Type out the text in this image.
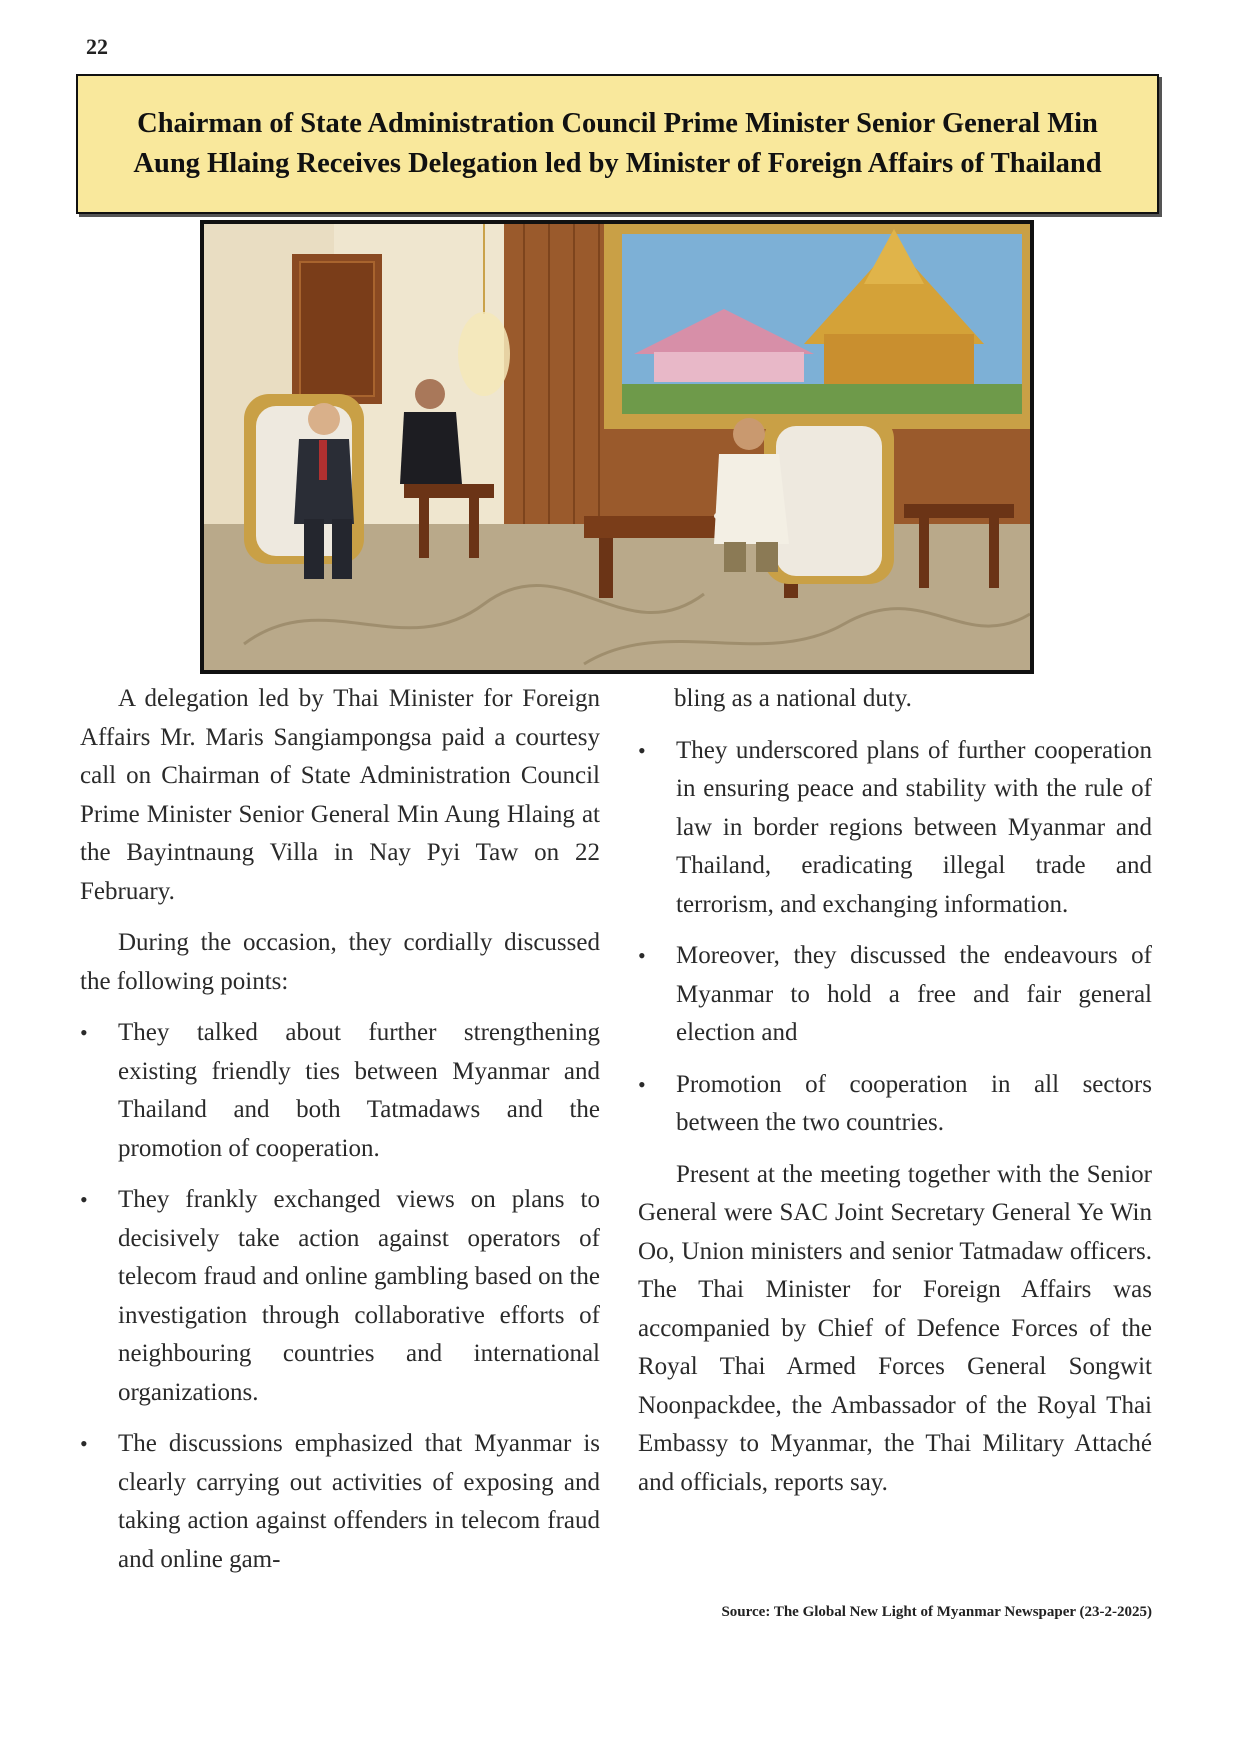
22
Chairman of State Administration Council Prime Minister Senior General Min Aung Hlaing Receives Delegation led by Minister of Foreign Affairs of Thailand

A delegation led by Thai Minister for Foreign Affairs Mr. Maris Sangiampongsa paid a courtesy call on Chairman of State Administration Council Prime Minister Senior General Min Aung Hlaing at the Bayintnaung Villa in Nay Pyi Taw on 22 February.

During the occasion, they cordially discussed the following points:

• They talked about further strengthening existing friendly ties between Myanmar and Thailand and both Tatmadaws and the promotion of cooperation.
• They frankly exchanged views on plans to decisively take action against operators of telecom fraud and online gambling based on the investigation through collaborative efforts of neighbouring countries and international organizations.
• The discussions emphasized that Myanmar is clearly carrying out activities of exposing and taking action against offenders in telecom fraud and online gam-

bling as a national duty.

• They underscored plans of further cooperation in ensuring peace and stability with the rule of law in border regions between Myanmar and Thailand, eradicating illegal trade and terrorism, and exchanging information.
• Moreover, they discussed the endeavours of Myanmar to hold a free and fair general election and
• Promotion of cooperation in all sectors between the two countries.

Present at the meeting together with the Senior General were SAC Joint Secretary General Ye Win Oo, Union ministers and senior Tatmadaw officers. The Thai Minister for Foreign Affairs was accompanied by Chief of Defence Forces of the Royal Thai Armed Forces General Songwit Noonpackdee, the Ambassador of the Royal Thai Embassy to Myanmar, the Thai Military Attaché and officials, reports say.

Source: The Global New Light of Myanmar Newspaper (23-2-2025)
